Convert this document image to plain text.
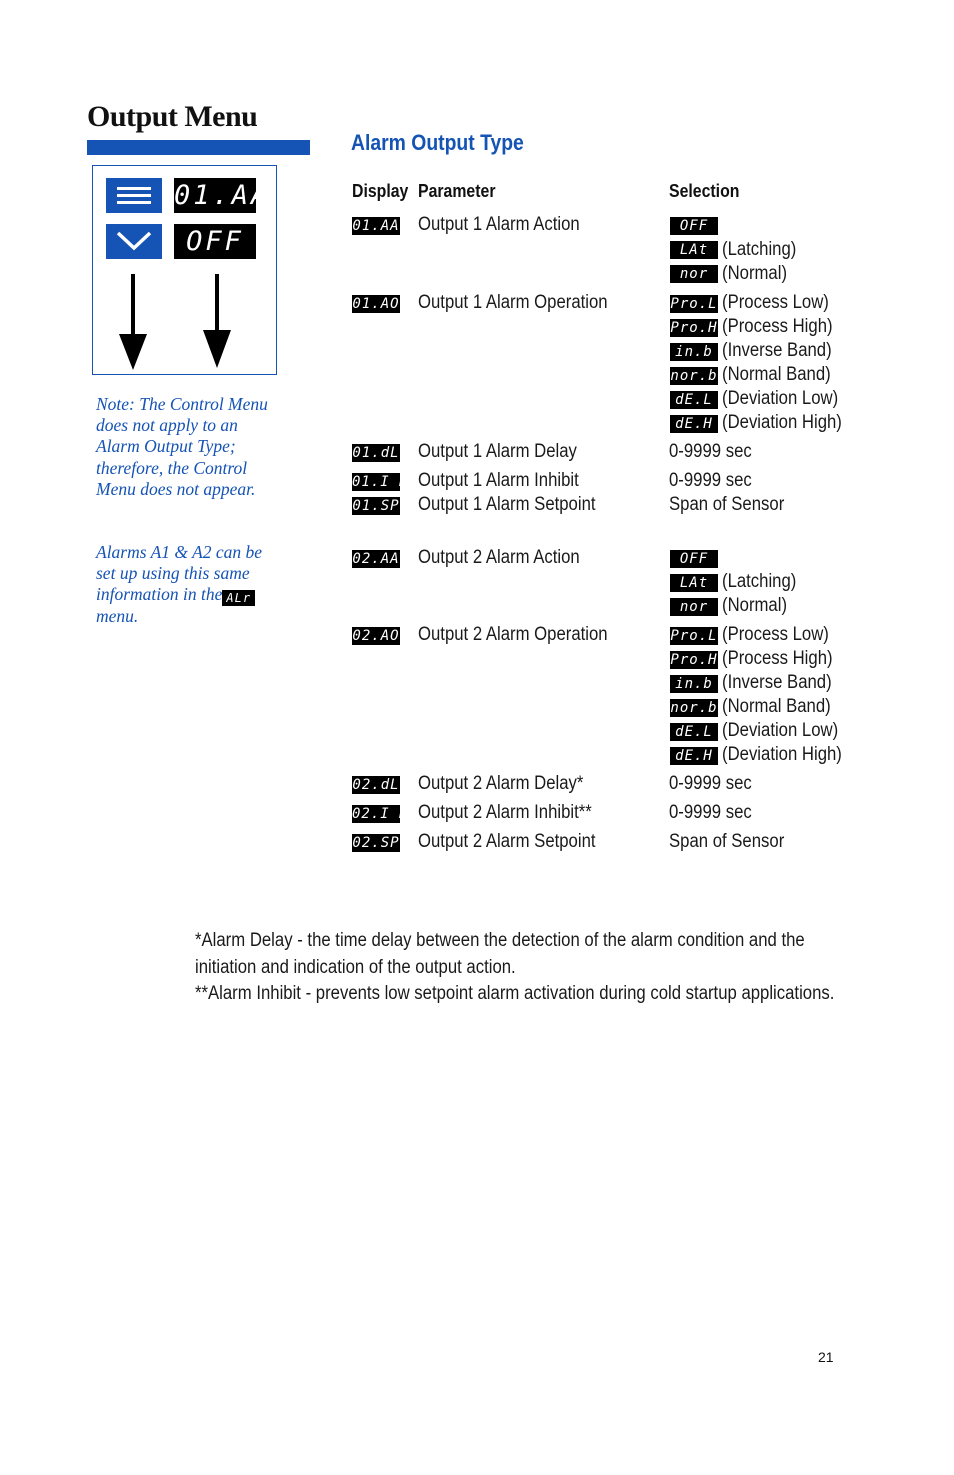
Output Menu
01.AA
OFF
Note: The Control Menu does not apply to an Alarm Output Type; therefore, the Control Menu does not appear.
Alarms A1 & A2 can be set up using this same information in the ALrmenu.
Alarm Output Type
Display Parameter	Selection
01.AA Output 1 Alarm Action	OFF
LAt (Latching)
nor (Normal)
01.AO Output 1 Alarm Operation	Pro.L (Process Low)
Pro.H (Process High)
in.b (Inverse Band)
nor.b (Normal Band)
dE.L (Deviation Low)
dE.H (Deviation High)
01.dL Output 1 Alarm Delay	0-9999 sec
01.I H Output 1 Alarm Inhibit	0-9999 sec
01.SP Output 1 Alarm Setpoint	Span of Sensor
02.AA Output 2 Alarm Action	OFF
LAt (Latching)
nor (Normal)
02.AO Output 2 Alarm Operation	Pro.L (Process Low)
Pro.H (Process High)
in.b (Inverse Band)
nor.b (Normal Band)
dE.L (Deviation Low)
dE.H (Deviation High)
02.dL Output 2 Alarm Delay*	0-9999 sec
02.I H Output 2 Alarm Inhibit**	0-9999 sec
02.SP Output 2 Alarm Setpoint	Span of Sensor
*Alarm Delay - the time delay between the detection of the alarm condition and the
initiation and indication of the output action.
**Alarm Inhibit - prevents low setpoint alarm activation during cold startup applications.
21
